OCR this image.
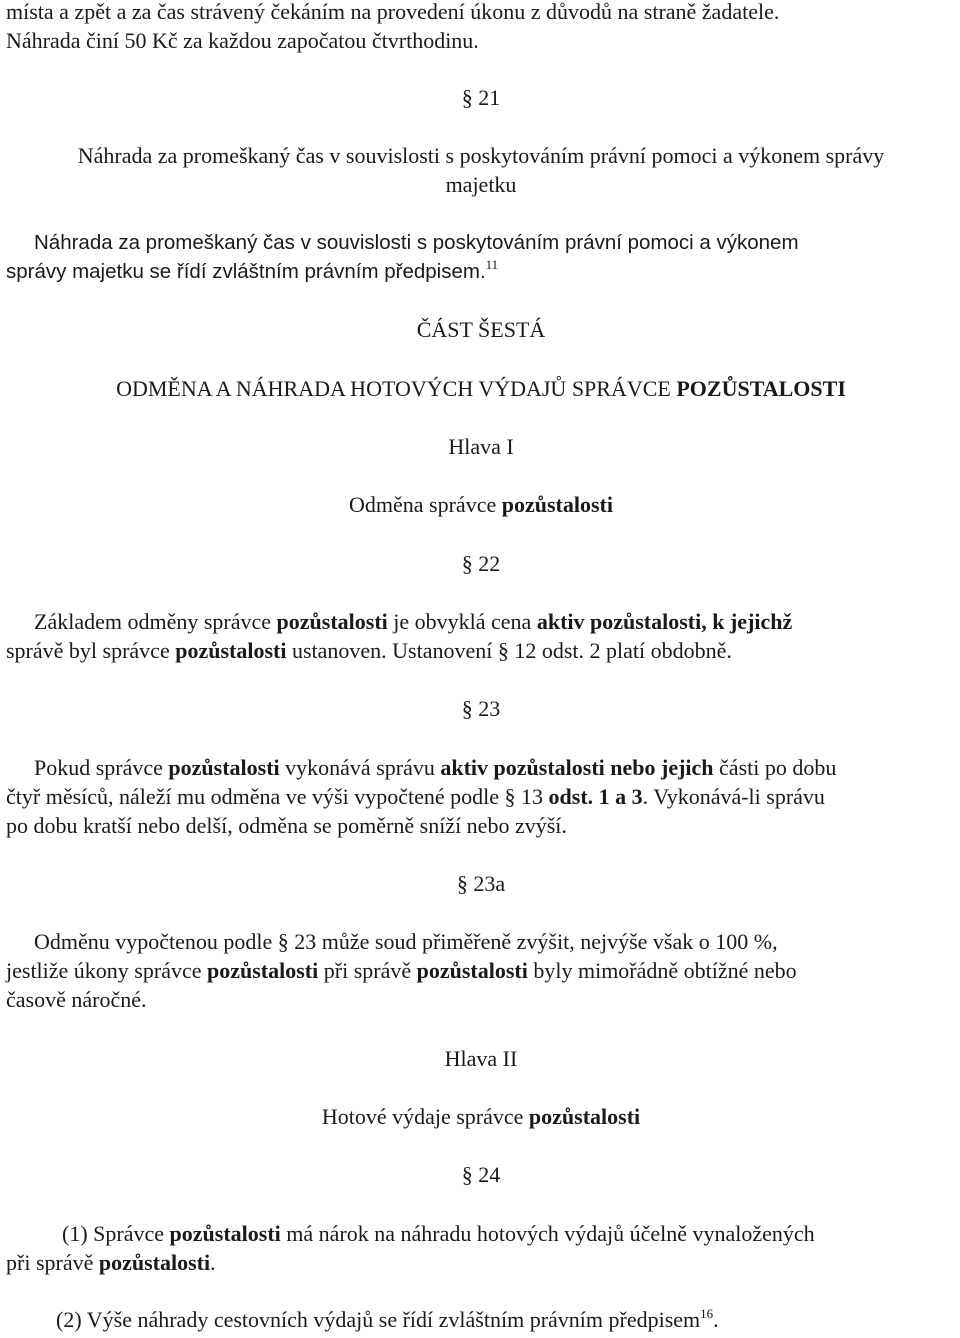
místa a zpět a za čas strávený čekáním na provedení úkonu z důvodů na straně žadatele.
Náhrada činí 50 Kč za každou započatou čtvrthodinu.
§ 21
Náhrada za promeškaný čas v souvislosti s poskytováním právní pomoci a výkonem správy
majetku
Náhrada za promeškaný čas v souvislosti s poskytováním právní pomoci a výkonem
správy majetku se řídí zvláštním právním předpisem.$^{11}$
ČÁST ŠESTÁ
ODMĚNA A NÁHRADA HOTOVÝCH VÝDAJŮ SPRÁVCE POZŮSTALOSTI
Hlava I
Odměna správce pozůstalosti
§ 22
Základem odměny správce pozůstalosti je obvyklá cena aktiv pozůstalosti, k jejichž
správě byl správce pozůstalosti ustanoven. Ustanovení § 12 odst. 2 platí obdobně.
§ 23
Pokud správce pozůstalosti vykonává správu aktiv pozůstalosti nebo jejich části po dobu
čtyř měsíců, náleží mu odměna ve výši vypočtené podle § 13 odst. 1 a 3. Vykonává-li správu
po dobu kratší nebo delší, odměna se poměrně sníží nebo zvýší.
§ 23a
Odměnu vypočtenou podle § 23 může soud přiměřeně zvýšit, nejvýše však o 100 %,
jestliže úkony správce pozůstalosti při správě pozůstalosti byly mimořádně obtížné nebo
časově náročné.
Hlava II
Hotové výdaje správce pozůstalosti
§ 24
(1) Správce pozůstalosti má nárok na náhradu hotových výdajů účelně vynaložených
při správě pozůstalosti.
(2) Výše náhrady cestovních výdajů se řídí zvláštním právním předpisem$^{16}$.
